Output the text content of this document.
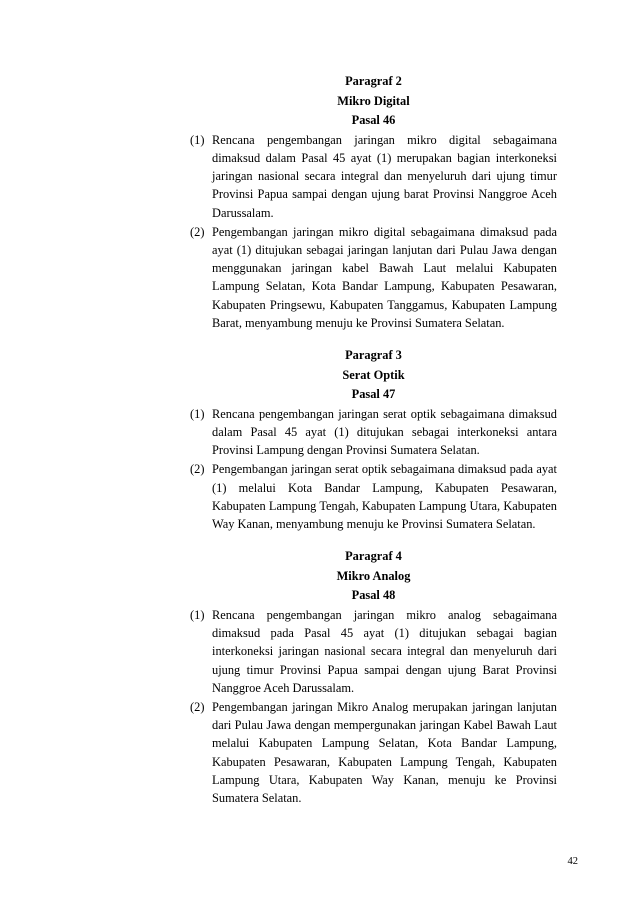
Paragraf 2

Mikro Digital

Pasal 46

(1) Rencana pengembangan jaringan mikro digital sebagaimana dimaksud dalam Pasal 45 ayat (1) merupakan bagian interkoneksi jaringan nasional secara integral dan menyeluruh dari ujung timur Provinsi Papua sampai dengan ujung barat Provinsi Nanggroe Aceh Darussalam.
(2) Pengembangan jaringan mikro digital sebagaimana dimaksud pada ayat (1) ditujukan sebagai jaringan lanjutan dari Pulau Jawa dengan menggunakan jaringan kabel Bawah Laut melalui Kabupaten Lampung Selatan, Kota Bandar Lampung, Kabupaten Pesawaran, Kabupaten Pringsewu, Kabupaten Tanggamus, Kabupaten Lampung Barat, menyambung menuju ke Provinsi Sumatera Selatan.

Paragraf 3

Serat Optik

Pasal 47

(1) Rencana pengembangan jaringan serat optik sebagaimana dimaksud dalam Pasal 45 ayat (1) ditujukan sebagai interkoneksi antara Provinsi Lampung dengan Provinsi Sumatera Selatan.
(2) Pengembangan jaringan serat optik sebagaimana dimaksud pada ayat (1) melalui Kota Bandar Lampung, Kabupaten Pesawaran, Kabupaten Lampung Tengah, Kabupaten Lampung Utara, Kabupaten Way Kanan, menyambung menuju ke Provinsi Sumatera Selatan.

Paragraf 4

Mikro Analog

Pasal 48

(1) Rencana pengembangan jaringan mikro analog sebagaimana dimaksud pada Pasal 45 ayat (1) ditujukan sebagai bagian interkoneksi jaringan nasional secara integral dan menyeluruh dari ujung timur Provinsi Papua sampai dengan ujung Barat Provinsi Nanggroe Aceh Darussalam.
(2) Pengembangan jaringan Mikro Analog merupakan jaringan lanjutan dari Pulau Jawa dengan mempergunakan jaringan Kabel Bawah Laut melalui Kabupaten Lampung Selatan, Kota Bandar Lampung, Kabupaten Pesawaran, Kabupaten Lampung Tengah, Kabupaten Lampung Utara, Kabupaten Way Kanan, menuju ke Provinsi Sumatera Selatan.
42
